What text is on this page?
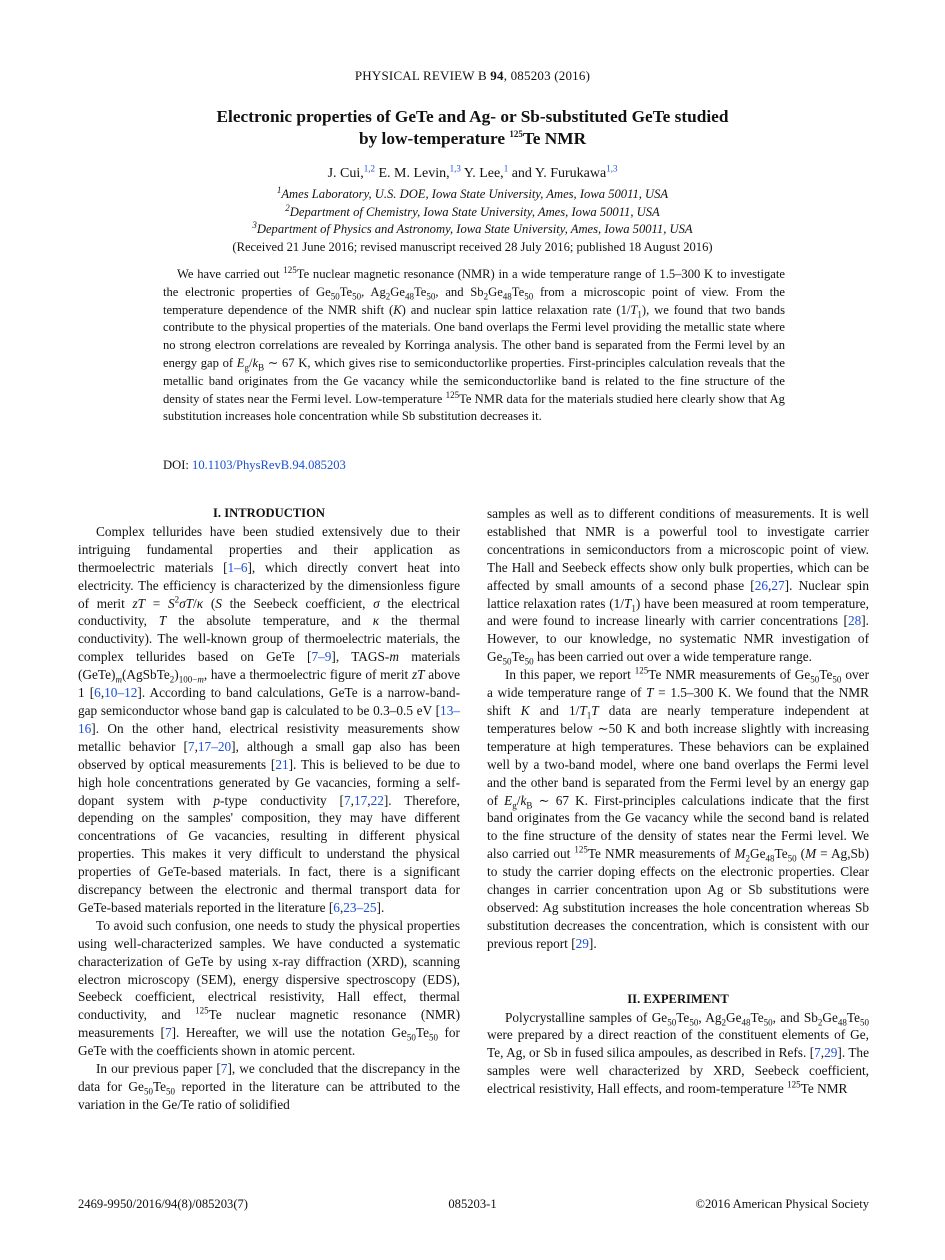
PHYSICAL REVIEW B 94, 085203 (2016)
Electronic properties of GeTe and Ag- or Sb-substituted GeTe studied
by low-temperature $^{125}$Te NMR
J. Cui,$^{1,2}$ E. M. Levin,$^{1,3}$ Y. Lee,$^1$ and Y. Furukawa$^{1,3}$
$^1$Ames Laboratory, U.S. DOE, Iowa State University, Ames, Iowa 50011, USA
$^2$Department of Chemistry, Iowa State University, Ames, Iowa 50011, USA
$^3$Department of Physics and Astronomy, Iowa State University, Ames, Iowa 50011, USA
(Received 21 June 2016; revised manuscript received 28 July 2016; published 18 August 2016)
We have carried out $^{125}$Te nuclear magnetic resonance (NMR) in a wide temperature range of 1.5–300 K to investigate the electronic properties of $Ge_{50}Te_{50}$, $Ag_2Ge_{48}Te_{50}$, and $Sb_2Ge_{48}Te_{50}$ from a microscopic point of view. From the temperature dependence of the NMR shift (K) and nuclear spin lattice relaxation rate $(1/T_1)$, we found that two bands contribute to the physical properties of the materials. One band overlaps the Fermi level providing the metallic state where no strong electron correlations are revealed by Korringa analysis. The other band is separated from the Fermi level by an energy gap of $E_g/k_B$ ∼ 67 K, which gives rise to semiconductorlike properties. First-principles calculation reveals that the metallic band originates from the Ge vacancy while the semiconductorlike band is related to the fine structure of the density of states near the Fermi level. Low-temperature $^{125}$Te NMR data for the materials studied here clearly show that Ag substitution increases hole concentration while Sb substitution decreases it.
DOI: 10.1103/PhysRevB.94.085203

I. INTRODUCTION

Complex tellurides have been studied extensively due to their intriguing fundamental properties and their application as thermoelectric materials [1–6], which directly convert heat into electricity. The efficiency is characterized by the dimensionless figure of merit zT = $S^2\sigma T/\kappa$ (S the Seebeck coefficient, σ the electrical conductivity, T the absolute temperature, and κ the thermal conductivity). The well-known group of thermoelectric materials, the complex tellurides based on GeTe [7–9], TAGS-m materials $(GeTe)_m(AgSbTe_2)_{100-m}$, have a thermoelectric figure of merit zT above 1 [6,10–12]. According to band calculations, GeTe is a narrow-band-gap semiconductor whose band gap is calculated to be 0.3–0.5 eV [13–16]. On the other hand, electrical resistivity measurements show metallic behavior [7,17–20], although a small gap also has been observed by optical measurements [21]. This is believed to be due to high hole concentrations generated by Ge vacancies, forming a self-dopant system with p-type conductivity [7,17,22]. Therefore, depending on the samples' composition, they may have different concentrations of Ge vacancies, resulting in different physical properties. This makes it very difficult to understand the physical properties of GeTe-based materials. In fact, there is a significant discrepancy between the electronic and thermal transport data for GeTe-based materials reported in the literature [6,23–25].

To avoid such confusion, one needs to study the physical properties using well-characterized samples. We have conducted a systematic characterization of GeTe by using x-ray diffraction (XRD), scanning electron microscopy (SEM), energy dispersive spectroscopy (EDS), Seebeck coefficient, electrical resistivity, Hall effect, thermal conductivity, and $^{125}$Te nuclear magnetic resonance (NMR) measurements [7]. Hereafter, we will use the notation $Ge_{50}Te_{50}$ for GeTe with the coefficients shown in atomic percent.

In our previous paper [7], we concluded that the discrepancy in the data for $Ge_{50}Te_{50}$ reported in the literature can be attributed to the variation in the Ge/Te ratio of solidified

samples as well as to different conditions of measurements. It is well established that NMR is a powerful tool to investigate carrier concentrations in semiconductors from a microscopic point of view. The Hall and Seebeck effects show only bulk properties, which can be affected by small amounts of a second phase [26,27]. Nuclear spin lattice relaxation rates $(1/T_1)$ have been measured at room temperature, and were found to increase linearly with carrier concentrations [28]. However, to our knowledge, no systematic NMR investigation of $Ge_{50}Te_{50}$ has been carried out over a wide temperature range.

In this paper, we report $^{125}$Te NMR measurements of $Ge_{50}Te_{50}$ over a wide temperature range of T = 1.5–300 K. We found that the NMR shift K and $1/T_1T$ data are nearly temperature independent at temperatures below ∼50 K and both increase slightly with increasing temperature at high temperatures. These behaviors can be explained well by a two-band model, where one band overlaps the Fermi level and the other band is separated from the Fermi level by an energy gap of $E_g/k_B$ ∼ 67 K. First-principles calculations indicate that the first band originates from the Ge vacancy while the second band is related to the fine structure of the density of states near the Fermi level. We also carried out $^{125}$Te NMR measurements of $M_2Ge_{48}Te_{50}$ (M = Ag,Sb) to study the carrier doping effects on the electronic properties. Clear changes in carrier concentration upon Ag or Sb substitutions were observed: Ag substitution increases the hole concentration whereas Sb substitution decreases the concentration, which is consistent with our previous report [29].

II. EXPERIMENT

Polycrystalline samples of $Ge_{50}Te_{50}$, $Ag_2Ge_{48}Te_{50}$, and $Sb_2Ge_{48}Te_{50}$ were prepared by a direct reaction of the constituent elements of Ge, Te, Ag, or Sb in fused silica ampoules, as described in Refs. [7,29]. The samples were well characterized by XRD, Seebeck coefficient, electrical resistivity, Hall effects, and room-temperature $^{125}$Te NMR

2469-9950/2016/94(8)/085203(7)	085203-1	©2016 American Physical Society
